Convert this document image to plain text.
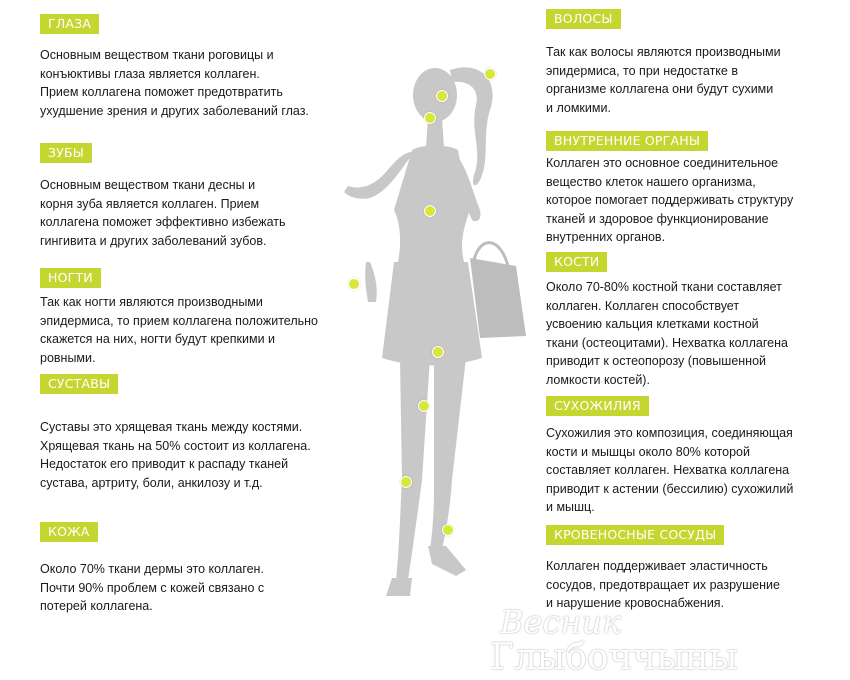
ГЛАЗА
Основным веществом ткани роговицы и
конъюктивы глаза является коллаген.
Прием коллагена поможет предотвратить
ухудшение зрения и других заболеваний глаз.
ЗУБЫ
Основным веществом ткани десны и
корня зуба является коллаген. Прием
коллагена поможет эффективно избежать
гингивита и других заболеваний зубов.
НОГТИ
Так как ногти являются производными
эпидермиса, то прием коллагена положительно
скажется на них, ногти будут крепкими и
ровными.
СУСТАВЫ
Суставы это хрящевая ткань между костями.
Хрящевая ткань на 50% состоит из коллагена.
Недостаток его приводит к распаду тканей
сустава, артриту, боли, анкилозу и т.д.
КОЖА
Около 70% ткани дермы это коллаген.
Почти 90% проблем с кожей связано с
потерей коллагена.
ВОЛОСЫ
Так как волосы являются производными
эпидермиса, то при недостатке в
организме коллагена они будут сухими
и ломкими.
ВНУТРЕННИЕ ОРГАНЫ
Коллаген это основное соединительное
вещество клеток нашего организма,
которое помогает поддерживать структуру
тканей и здоровое функционирование
внутренних органов.
КОСТИ
Около 70-80% костной ткани составляет
коллаген. Коллаген способствует
усвоению кальция клетками костной
ткани (остеоцитами). Нехватка коллагена
приводит к остеопорозу (повышенной
ломкости костей).
СУХОЖИЛИЯ
Сухожилия это композиция, соединяющая
кости и мышцы около 80% которой
составляет коллаген. Нехватка коллагена
приводит к астении (бессилию) сухожилий
и мышц.
КРОВЕНОСНЫЕ СОСУДЫ
Коллаген поддерживает эластичность
сосудов, предотвращает их разрушение
и нарушение кровоснабжения.
Весник
Глыбоччыны
